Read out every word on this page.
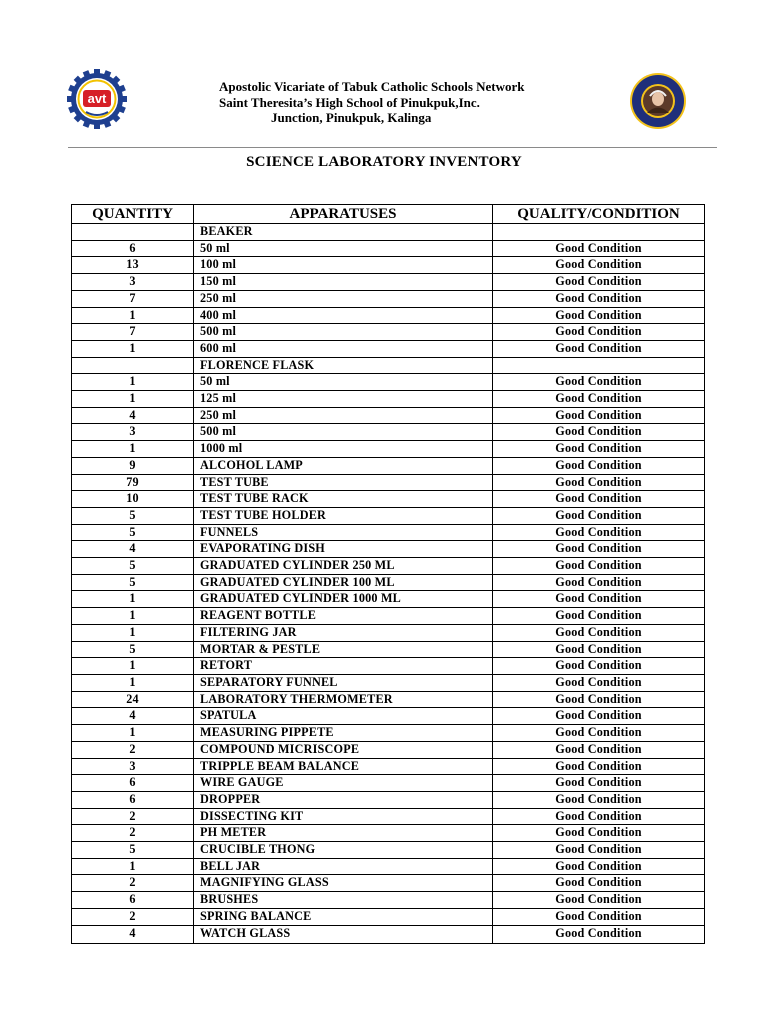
avt
Apostolic Vicariate of Tabuk Catholic Schools Network
Saint Theresita’s High School of Pinukpuk,Inc.
Junction, Pinukpuk, Kalinga
SCIENCE LABORATORY INVENTORY
QUANTITY	APPARATUSES	QUALITY/CONDITION
	BEAKER	
6	50 ml	Good Condition
13	100 ml	Good Condition
3	150 ml	Good Condition
7	250 ml	Good Condition
1	400 ml	Good Condition
7	500 ml	Good Condition
1	600 ml	Good Condition
	FLORENCE FLASK	
1	50 ml	Good Condition
1	125 ml	Good Condition
4	250 ml	Good Condition
3	500 ml	Good Condition
1	1000 ml	Good Condition
9	ALCOHOL LAMP	Good Condition
79	TEST TUBE	Good Condition
10	TEST TUBE RACK	Good Condition
5	TEST TUBE HOLDER	Good Condition
5	FUNNELS	Good Condition
4	EVAPORATING DISH	Good Condition
5	GRADUATED CYLINDER 250 ML	Good Condition
5	GRADUATED CYLINDER 100 ML	Good Condition
1	GRADUATED CYLINDER 1000 ML	Good Condition
1	REAGENT BOTTLE	Good Condition
1	FILTERING JAR	Good Condition
5	MORTAR & PESTLE	Good Condition
1	RETORT	Good Condition
1	SEPARATORY FUNNEL	Good Condition
24	LABORATORY THERMOMETER	Good Condition
4	SPATULA	Good Condition
1	MEASURING PIPPETE	Good Condition
2	COMPOUND MICRISCOPE	Good Condition
3	TRIPPLE BEAM BALANCE	Good Condition
6	WIRE GAUGE	Good Condition
6	DROPPER	Good Condition
2	DISSECTING KIT	Good Condition
2	PH METER	Good Condition
5	CRUCIBLE THONG	Good Condition
1	BELL JAR	Good Condition
2	MAGNIFYING GLASS	Good Condition
6	BRUSHES	Good Condition
2	SPRING BALANCE	Good Condition
4	WATCH GLASS	Good Condition
